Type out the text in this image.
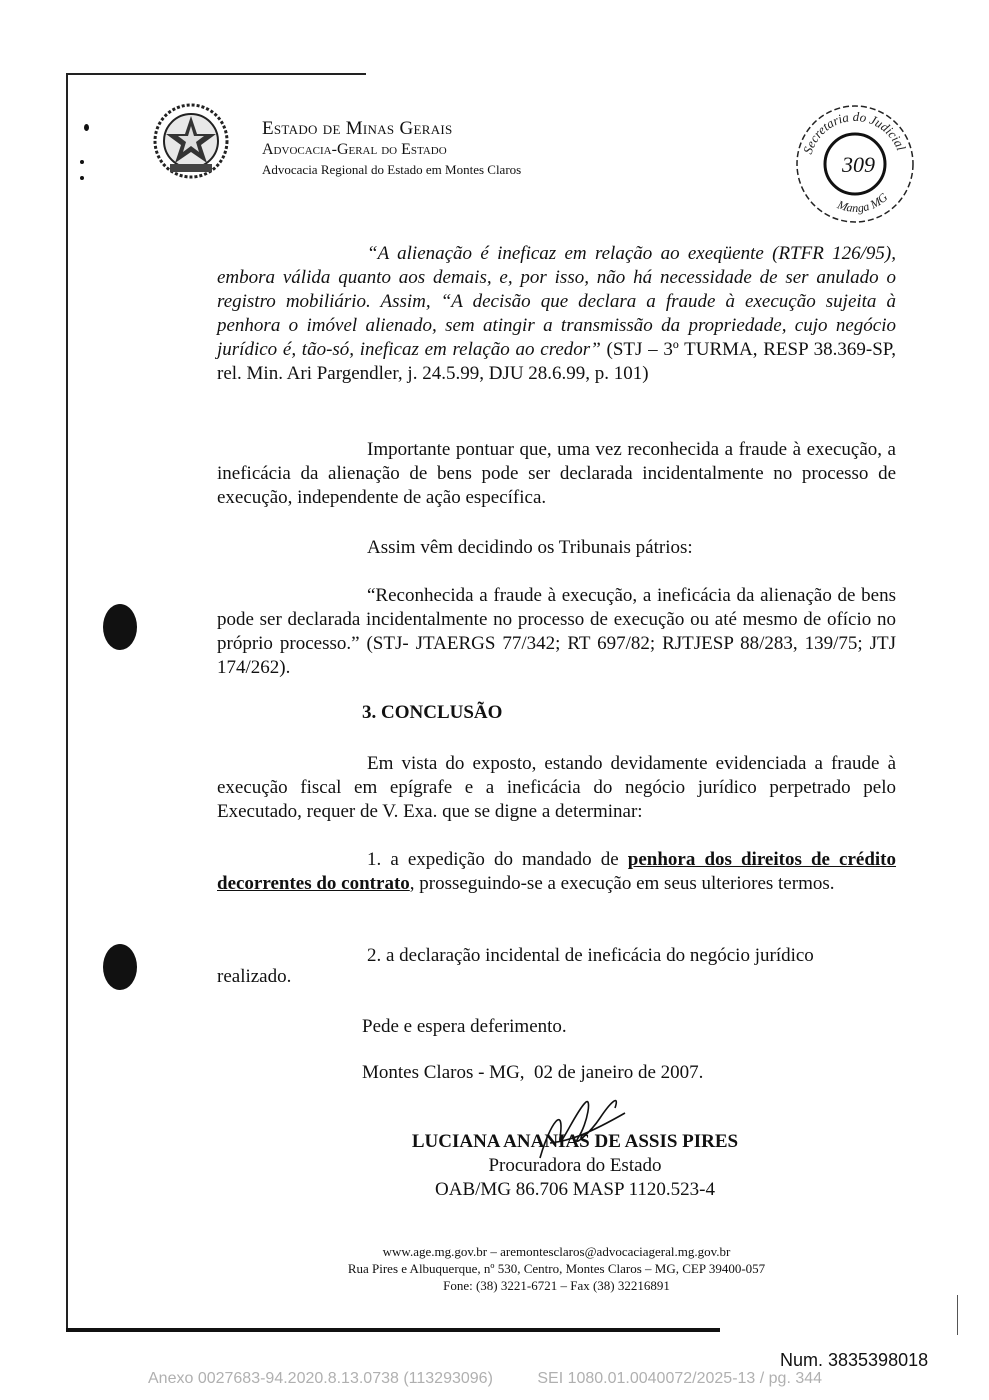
Estado de Minas Gerais
Advocacia-Geral do Estado
Advocacia Regional do Estado em Montes Claros
Secretaria do Judicial
Manga MG
309

“A alienação é ineficaz em relação ao exeqüente (RTFR 126/95), embora válida quanto aos demais, e, por isso, não há necessidade de ser anulado o registro mobiliário. Assim, “A decisão que declara a fraude à execução sujeita à penhora o imóvel alienado, sem atingir a transmissão da propriedade, cujo negócio jurídico é, tão-só, ineficaz em relação ao credor” (STJ – 3º TURMA, RESP 38.369-SP, rel. Min. Ari Pargendler, j. 24.5.99, DJU 28.6.99, p. 101)

Importante pontuar que, uma vez reconhecida a fraude à execução, a ineficácia da alienação de bens pode ser declarada incidentalmente no processo de execução, independente de ação específica.

Assim vêm decidindo os Tribunais pátrios:

“Reconhecida a fraude à execução, a ineficácia da alienação de bens pode ser declarada incidentalmente no processo de execução ou até mesmo de ofício no próprio processo.” (STJ- JTAERGS 77/342; RT 697/82; RJTJESP 88/283, 139/75; JTJ 174/262).

3. CONCLUSÃO

Em vista do exposto, estando devidamente evidenciada a fraude à execução fiscal em epígrafe e a ineficácia do negócio jurídico perpetrado pelo Executado, requer de V. Exa. que se digne a determinar:

1. a expedição do mandado de penhora dos direitos de crédito decorrentes do contrato, prosseguindo-se a execução em seus ulteriores termos.

2. a declaração incidental de ineficácia do negócio jurídico

realizado.
Pede e espera deferimento.
Montes Claros - MG,  02 de janeiro de 2007.
LUCIANA ANANIAS DE ASSIS PIRES
Procuradora do Estado
OAB/MG 86.706 MASP 1120.523-4
www.age.mg.gov.br – aremontesclaros@advocaciageral.mg.gov.br
Rua Pires e Albuquerque, nº 530, Centro, Montes Claros – MG, CEP 39400-057
Fone: (38) 3221-6721 – Fax (38) 32216891
Num. 3835398018
Anexo 0027683-94.2020.8.13.0738 (113293096)          SEI 1080.01.0040072/2025-13 / pg. 344
